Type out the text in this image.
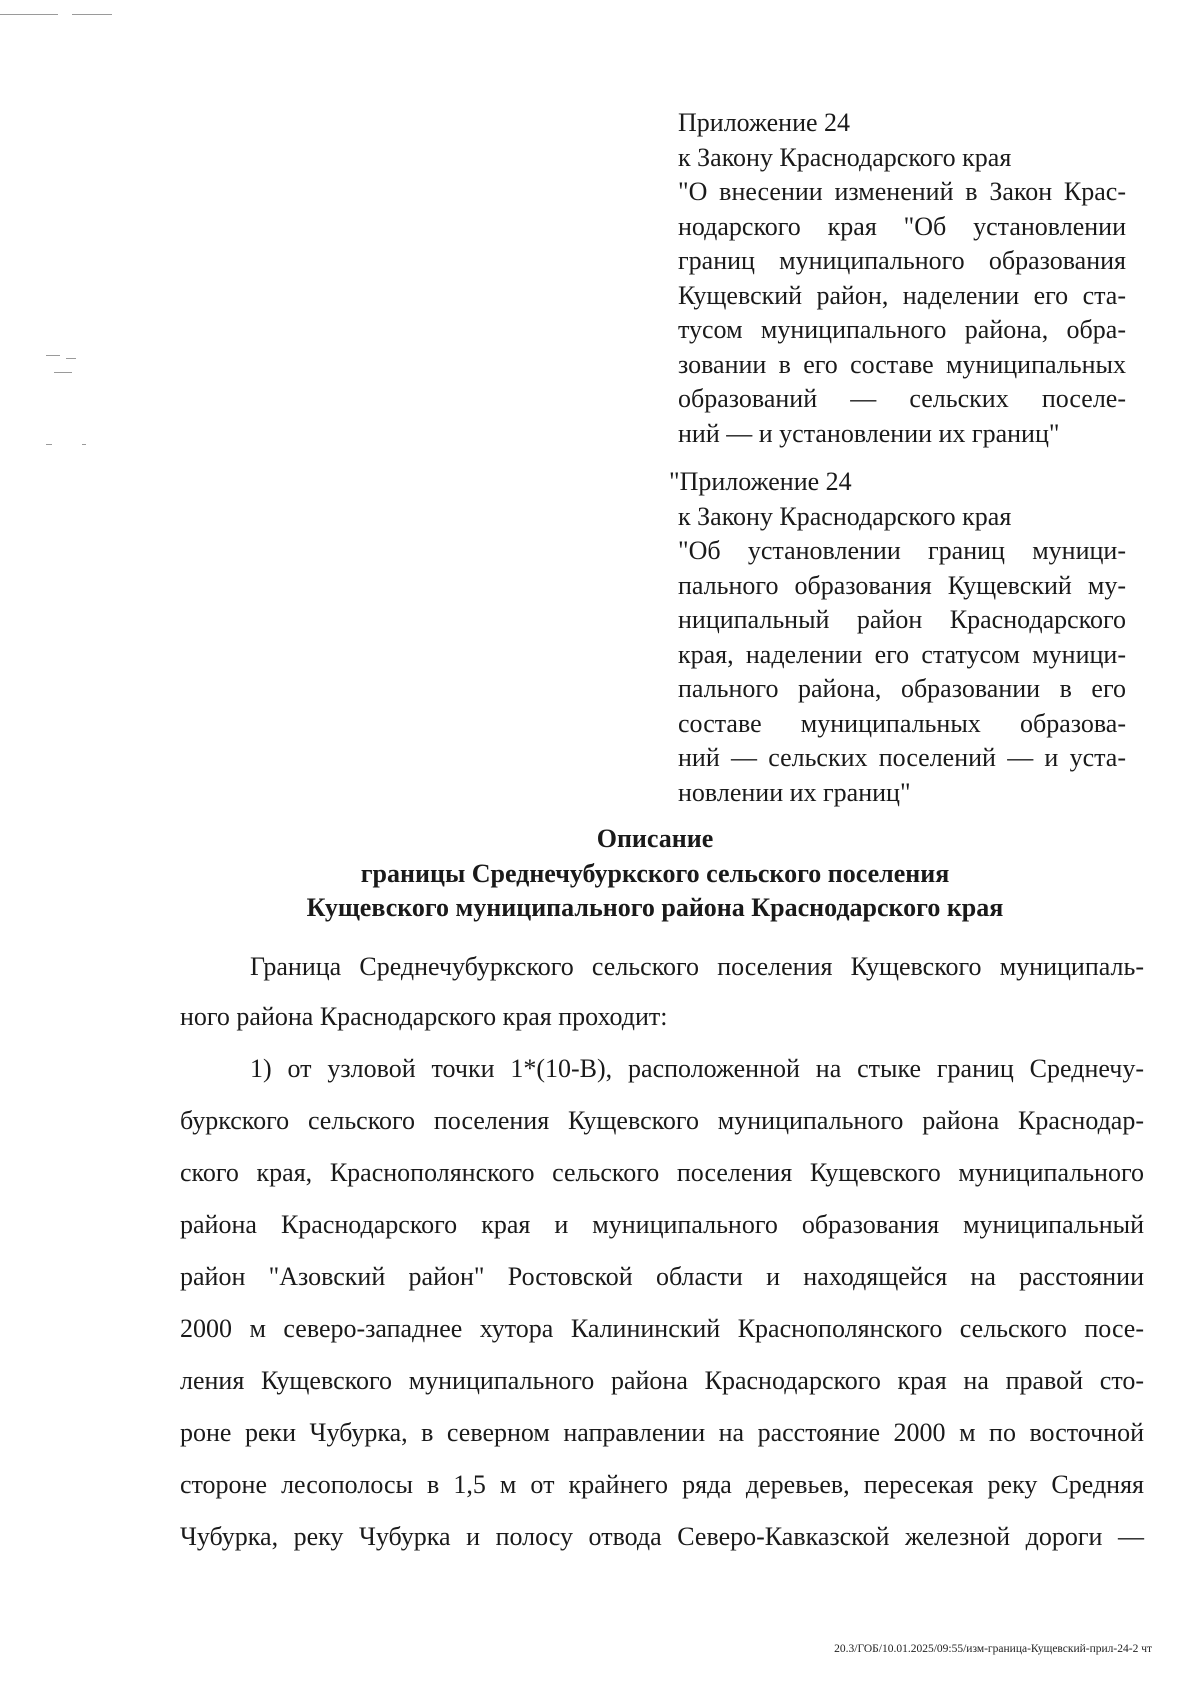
Приложение 24
к Закону Краснодарского края
"О внесении изменений в Закон Крас-
нодарского края "Об установлении
границ муниципального образования
Кущевский район, наделении его ста-
тусом муниципального района, обра-
зовании в его составе муниципальных
образований — сельских поселе-
ний — и установлении их границ"
"Приложение 24
к Закону Краснодарского края
"Об установлении границ муници-
пального образования Кущевский му-
ниципальный район Краснодарского
края, наделении его статусом муници-
пального района, образовании в его
составе муниципальных образова-
ний — сельских поселений — и уста-
новлении их границ"
Описание
границы Среднечубуркского сельского поселения
Кущевского муниципального района Краснодарского края
Граница Среднечубуркского сельского поселения Кущевского муниципаль-
ного района Краснодарского края проходит:
1) от узловой точки 1*(10-В), расположенной на стыке границ Среднечу-
буркского сельского поселения Кущевского муниципального района Краснодар-
ского края, Краснополянского сельского поселения Кущевского муниципального
района Краснодарского края и муниципального образования муниципальный
район "Азовский район" Ростовской области и находящейся на расстоянии
2000 м северо-западнее хутора Калининский Краснополянского сельского посе-
ления Кущевского муниципального района Краснодарского края на правой сто-
роне реки Чубурка, в северном направлении на расстояние 2000 м по восточной
стороне лесополосы в 1,5 м от крайнего ряда деревьев, пересекая реку Средняя
Чубурка, реку Чубурка и полосу отвода Северо-Кавказской железной дороги —
20.3/ГОБ/10.01.2025/09:55/изм-граница-Кущевский-прил-24-2 чт
